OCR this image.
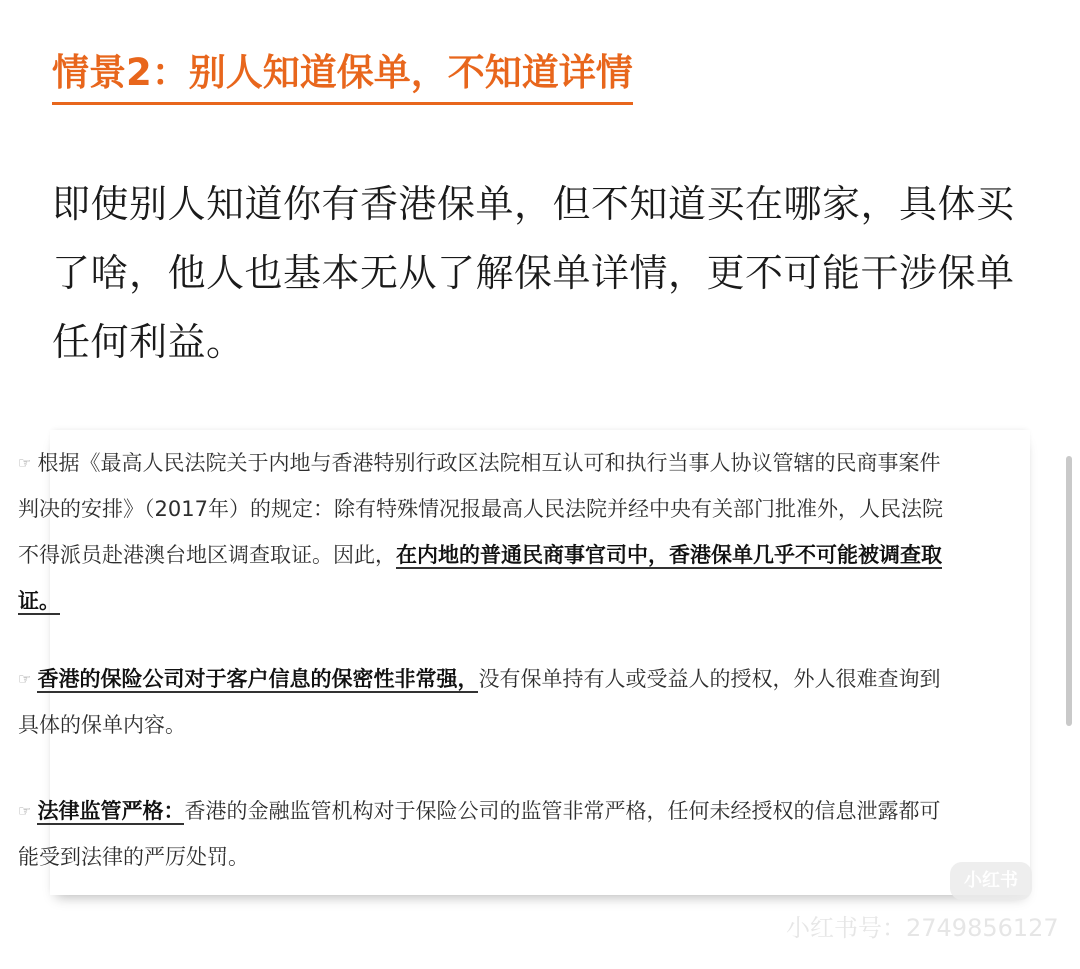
情景2：别人知道保单，不知道详情
即使别人知道你有香港保单，但不知道买在哪家，具体买了啥，他人也基本无从了解保单详情，更不可能干涉保单任何利益。
☞ 根据《最高人民法院关于内地与香港特别行政区法院相互认可和执行当事人协议管辖的民商事案件判决的安排》（2017年）的规定：除有特殊情况报最高人民法院并经中央有关部门批准外，人民法院不得派员赴港澳台地区调查取证。因此，在内地的普通民商事官司中，香港保单几乎不可能被调查取证。
☞ 香港的保险公司对于客户信息的保密性非常强，没有保单持有人或受益人的授权，外人很难查询到具体的保单内容。
☞ 法律监管严格：香港的金融监管机构对于保险公司的监管非常严格，任何未经授权的信息泄露都可能受到法律的严厉处罚。
小红书
小红书号：2749856127
